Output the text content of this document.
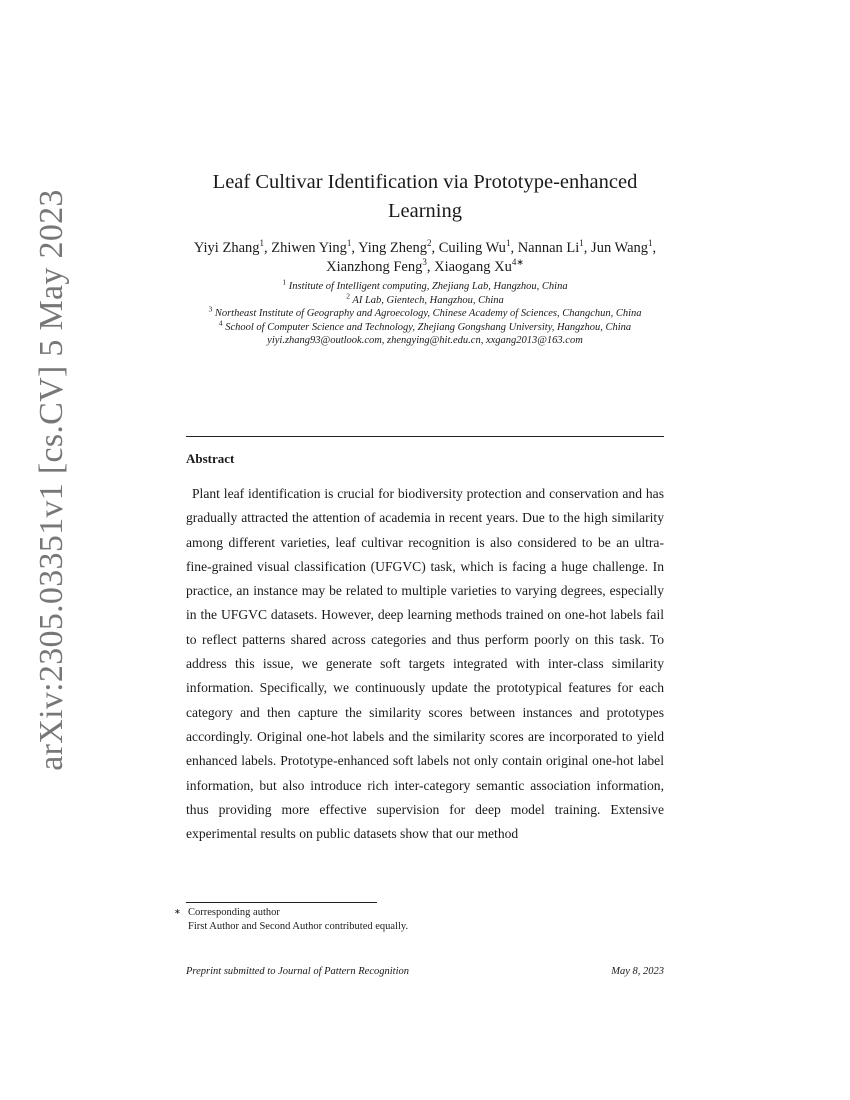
arXiv:2305.03351v1 [cs.CV] 5 May 2023
Leaf Cultivar Identification via Prototype-enhanced
Learning
Yiyi Zhang$^1$, Zhiwen Ying$^1$, Ying Zheng$^2$, Cuiling Wu$^1$, Nannan Li$^1$, Jun Wang$^1$, Xianzhong Feng$^3$, Xiaogang $Xu^{4∗}$
$^1$ Institute of Intelligent computing, Zhejiang Lab, Hangzhou, China
$^2$ AI Lab, Gientech, Hangzhou, China
$^3$ Northeast Institute of Geography and Agroecology, Chinese Academy of Sciences, Changchun, China
$^4$ School of Computer Science and Technology, Zhejiang Gongshang University, Hangzhou, China
yiyi.zhang93@outlook.com, zhengying@hit.edu.cn, xxgang2013@163.com
Abstract

Plant leaf identification is crucial for biodiversity protection and conservation and has gradually attracted the attention of academia in recent years. Due to the high similarity among different varieties, leaf cultivar recognition is also considered to be an ultra-fine-grained visual classification (UFGVC) task, which is facing a huge challenge. In practice, an instance may be related to multiple varieties to varying degrees, especially in the UFGVC datasets. However, deep learning methods trained on one-hot labels fail to reflect patterns shared across categories and thus perform poorly on this task. To address this issue, we generate soft targets integrated with inter-class similarity information. Specifically, we continuously update the prototypical features for each category and then capture the similarity scores between instances and prototypes accordingly. Original one-hot labels and the similarity scores are incorporated to yield enhanced labels. Prototype-enhanced soft labels not only contain original one-hot label information, but also introduce rich inter-category semantic association information, thus providing more effective supervision for deep model training. Extensive experimental results on public datasets show that our method

∗ Corresponding author
First Author and Second Author contributed equally.
Preprint submitted to Journal of Pattern Recognition	May 8, 2023
